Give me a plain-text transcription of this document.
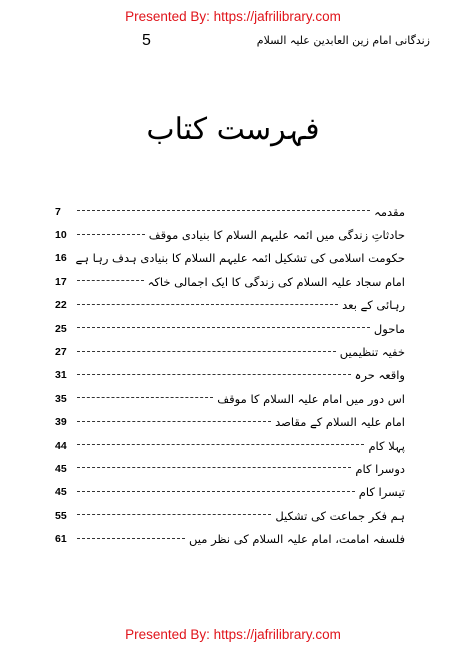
Presented By: https://jafrilibrary.com
5	زندگانی امام زین العابدین علیہ السلام
فہرست کتاب
7	مقدمہ
10	حادثاتِ زندگی میں ائمہ علیہم السلام کا بنیادی موقف
16 حکومت اسلامی کی تشکیل ائمہ علیہم السلام کا بنیادی ہدف رہا ہے
17	امام سجاد علیہ السلام کی زندگی کا ایک اجمالی خاکہ
22	رہائی کے بعد
25	ماحول
27	خفیہ تنظیمیں
31	واقعہ حرہ
35	اس دور میں امام علیہ السلام کا موقف
39	امام علیہ السلام کے مقاصد
44	پہلا کام
45	دوسرا کام
45	تیسرا کام
55	ہم فکر جماعت کی تشکیل
61	فلسفہ امامت، امام علیہ السلام کی نظر میں
Presented By: https://jafrilibrary.com
